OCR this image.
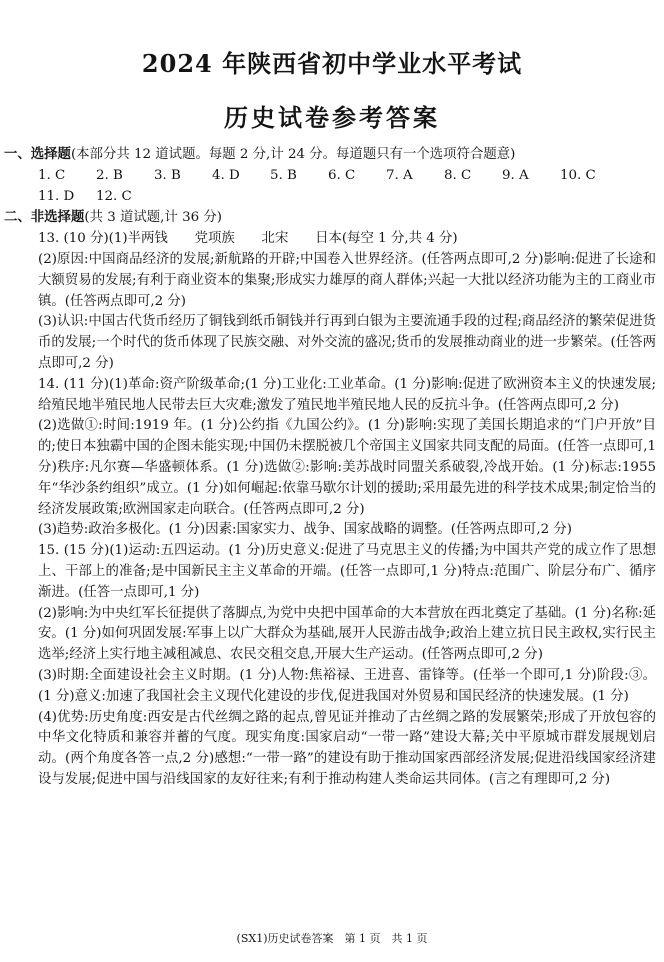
2024 年陕西省初中学业水平考试
历史试卷参考答案
一、选择题(本部分共 12 道试题。每题 2 分,计 24 分。每道题只有一个选项符合题意)
1. C	2. B	3. B	4. D	5. B	6. C	7. A	8. C	9. A	10. C
11. D	12. C
二、非选择题(共 3 道试题,计 36 分)
13. (10 分)(1)半两钱　　党项族　　北宋　　日本(每空 1 分,共 4 分)
(2)原因:中国商品经济的发展;新航路的开辟;中国卷入世界经济。(任答两点即可,2 分)影响:促进了长途和大额贸易的发展;有利于商业资本的集聚;形成实力雄厚的商人群体;兴起一大批以经济功能为主的工商业市镇。(任答两点即可,2 分)
(3)认识:中国古代货币经历了铜钱到纸币铜钱并行再到白银为主要流通手段的过程;商品经济的繁荣促进货币的发展;一个时代的货币体现了民族交融、对外交流的盛况;货币的发展推动商业的进一步繁荣。(任答两点即可,2 分)
14. (11 分)(1)革命:资产阶级革命;(1 分)工业化:工业革命。(1 分)影响:促进了欧洲资本主义的快速发展;给殖民地半殖民地人民带去巨大灾难;激发了殖民地半殖民地人民的反抗斗争。(任答两点即可,2 分)
(2)选做①:时间:1919 年。(1 分)公约指《九国公约》。(1 分)影响:实现了美国长期追求的“门户开放”目的;使日本独霸中国的企图未能实现;中国仍未摆脱被几个帝国主义国家共同支配的局面。(任答一点即可,1 分)秩序:凡尔赛—华盛顿体系。(1 分)选做②:影响:美苏战时同盟关系破裂,冷战开始。(1 分)标志:1955 年“华沙条约组织”成立。(1 分)如何崛起:依靠马歇尔计划的援助;采用最先进的科学技术成果;制定恰当的经济发展政策;欧洲国家走向联合。(任答两点即可,2 分)
(3)趋势:政治多极化。(1 分)因素:国家实力、战争、国家战略的调整。(任答两点即可,2 分)
15. (15 分)(1)运动:五四运动。(1 分)历史意义:促进了马克思主义的传播;为中国共产党的成立作了思想上、干部上的准备;是中国新民主主义革命的开端。(任答一点即可,1 分)特点:范围广、阶层分布广、循序渐进。(任答一点即可,1 分)
(2)影响:为中央红军长征提供了落脚点,为党中央把中国革命的大本营放在西北奠定了基础。(1 分)名称:延安。(1 分)如何巩固发展:军事上以广大群众为基础,展开人民游击战争;政治上建立抗日民主政权,实行民主选举;经济上实行地主减租减息、农民交租交息,开展大生产运动。(任答两点即可,2 分)
(3)时期:全面建设社会主义时期。(1 分)人物:焦裕禄、王进喜、雷锋等。(任举一个即可,1 分)阶段:③。(1 分)意义:加速了我国社会主义现代化建设的步伐,促进我国对外贸易和国民经济的快速发展。(1 分)
(4)优势:历史角度:西安是古代丝绸之路的起点,曾见证并推动了古丝绸之路的发展繁荣;形成了开放包容的中华文化特质和兼容并蓄的气度。现实角度:国家启动“一带一路”建设大幕;关中平原城市群发展规划启动。(两个角度各答一点,2 分)感想:“一带一路”的建设有助于推动国家西部经济发展;促进沿线国家经济建设与发展;促进中国与沿线国家的友好往来;有利于推动构建人类命运共同体。(言之有理即可,2 分)
(SX1)历史试卷答案　第 1 页　共 1 页
